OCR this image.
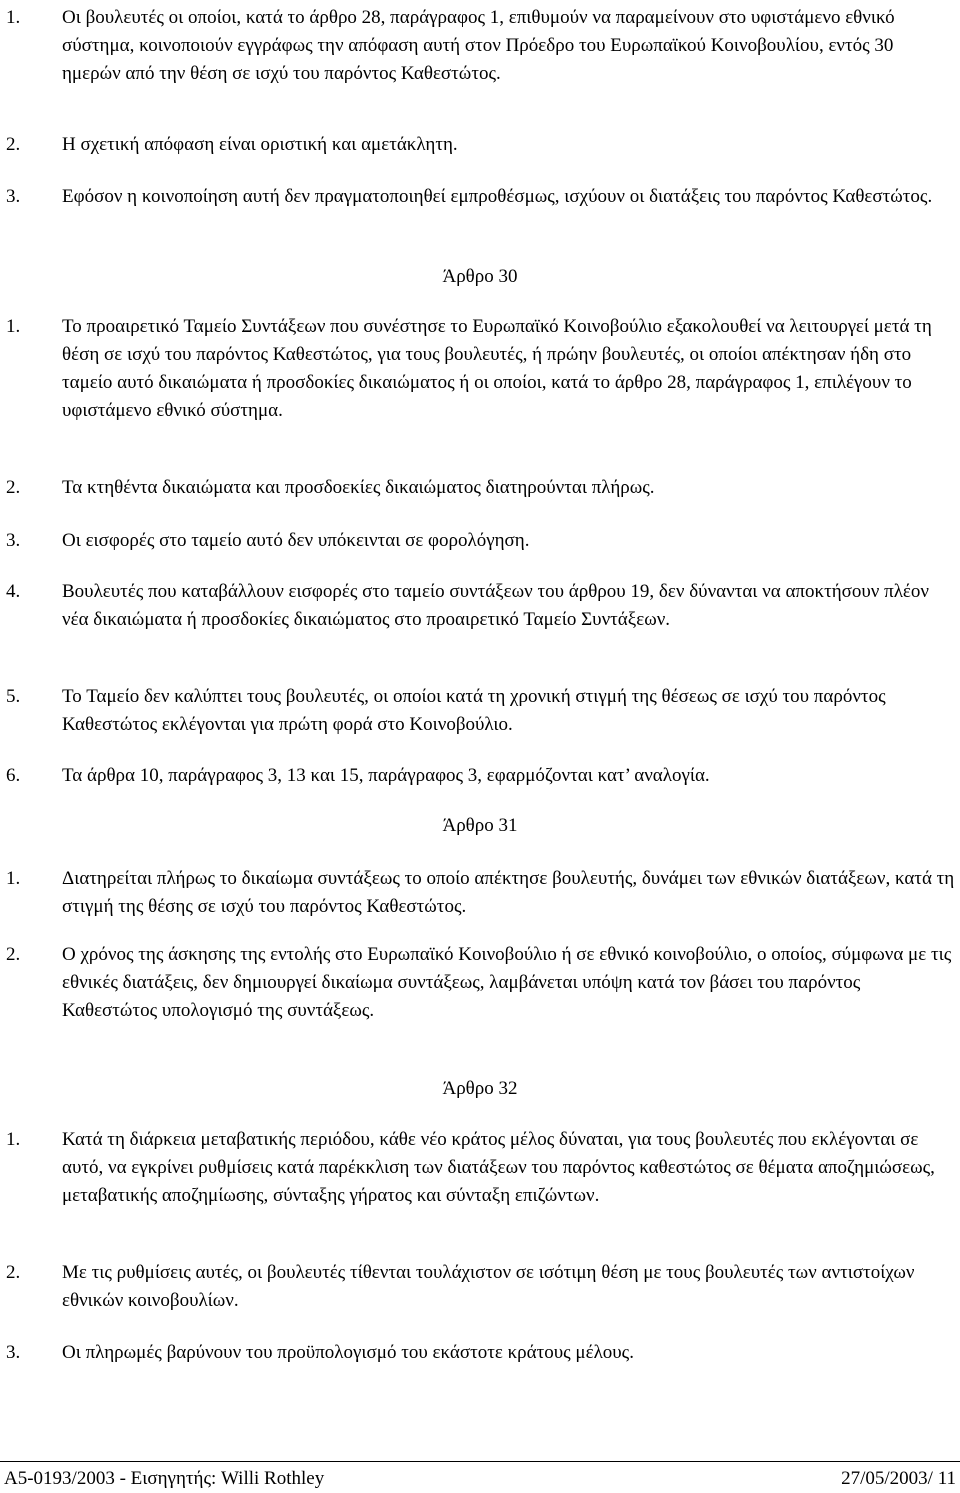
1. Οι βουλευτές οι οποίοι, κατά το άρθρο 28, παράγραφος 1, επιθυμούν να παραμείνουν στο υφιστάμενο εθνικό σύστημα, κοινοποιούν εγγράφως την απόφαση αυτή στον Πρόεδρο του Ευρωπαϊκού Κοινοβουλίου, εντός 30 ημερών από την θέση σε ισχύ του παρόντος Καθεστώτος.
2. Η σχετική απόφαση είναι οριστική και αμετάκλητη.
3. Εφόσον η κοινοποίηση αυτή δεν πραγματοποιηθεί εμπροθέσμως, ισχύουν οι διατάξεις του παρόντος Καθεστώτος.
Άρθρο 30
1. Το προαιρετικό Ταμείο Συντάξεων που συνέστησε το Ευρωπαϊκό Κοινοβούλιο εξακολουθεί να λειτουργεί μετά τη θέση σε ισχύ του παρόντος Καθεστώτος, για τους βουλευτές, ή πρώην βουλευτές, οι οποίοι απέκτησαν ήδη στο ταμείο αυτό δικαιώματα ή προσδοκίες δικαιώματος ή οι οποίοι, κατά το άρθρο 28, παράγραφος 1, επιλέγουν το υφιστάμενο εθνικό σύστημα.
2. Τα κτηθέντα δικαιώματα και προσδοεκίες δικαιώματος διατηρούνται πλήρως.
3. Οι εισφορές στο ταμείο αυτό δεν υπόκεινται σε φορολόγηση.
4. Βουλευτές που καταβάλλουν εισφορές στο ταμείο συντάξεων του άρθρου 19, δεν δύνανται να αποκτήσουν πλέον νέα δικαιώματα ή προσδοκίες δικαιώματος στο προαιρετικό Ταμείο Συντάξεων.
5. Το Ταμείο δεν καλύπτει τους βουλευτές, οι οποίοι κατά τη χρονική στιγμή της θέσεως σε ισχύ του παρόντος Καθεστώτος εκλέγονται για πρώτη φορά στο Κοινοβούλιο.
6. Τα άρθρα 10, παράγραφος 3, 13 και 15, παράγραφος 3, εφαρμόζονται κατ’ αναλογία.
Άρθρο 31
1. Διατηρείται πλήρως το δικαίωμα συντάξεως το οποίο απέκτησε βουλευτής, δυνάμει των εθνικών διατάξεων, κατά τη στιγμή της θέσης σε ισχύ του παρόντος Καθεστώτος.
2. Ο χρόνος της άσκησης της εντολής στο Ευρωπαϊκό Κοινοβούλιο ή σε εθνικό κοινοβούλιο, ο οποίος, σύμφωνα με τις εθνικές διατάξεις, δεν δημιουργεί δικαίωμα συντάξεως, λαμβάνεται υπόψη κατά τον βάσει του παρόντος Καθεστώτος υπολογισμό της συντάξεως.
Άρθρο 32
1. Κατά τη διάρκεια μεταβατικής περιόδου, κάθε νέο κράτος μέλος δύναται, για τους βουλευτές που εκλέγονται σε αυτό, να εγκρίνει ρυθμίσεις κατά παρέκκλιση των διατάξεων του παρόντος καθεστώτος σε θέματα αποζημιώσεως, μεταβατικής αποζημίωσης, σύνταξης γήρατος και σύνταξη επιζώντων.
2. Με τις ρυθμίσεις αυτές, οι βουλευτές τίθενται τουλάχιστον σε ισότιμη θέση με τους βουλευτές των αντιστοίχων εθνικών κοινοβουλίων.
3. Οι πληρωμές βαρύνουν του προϋπολογισμό του εκάστοτε κράτους μέλους.
A5-0193/2003 - Εισηγητής: Willi Rothley	27/05/2003/ 11
